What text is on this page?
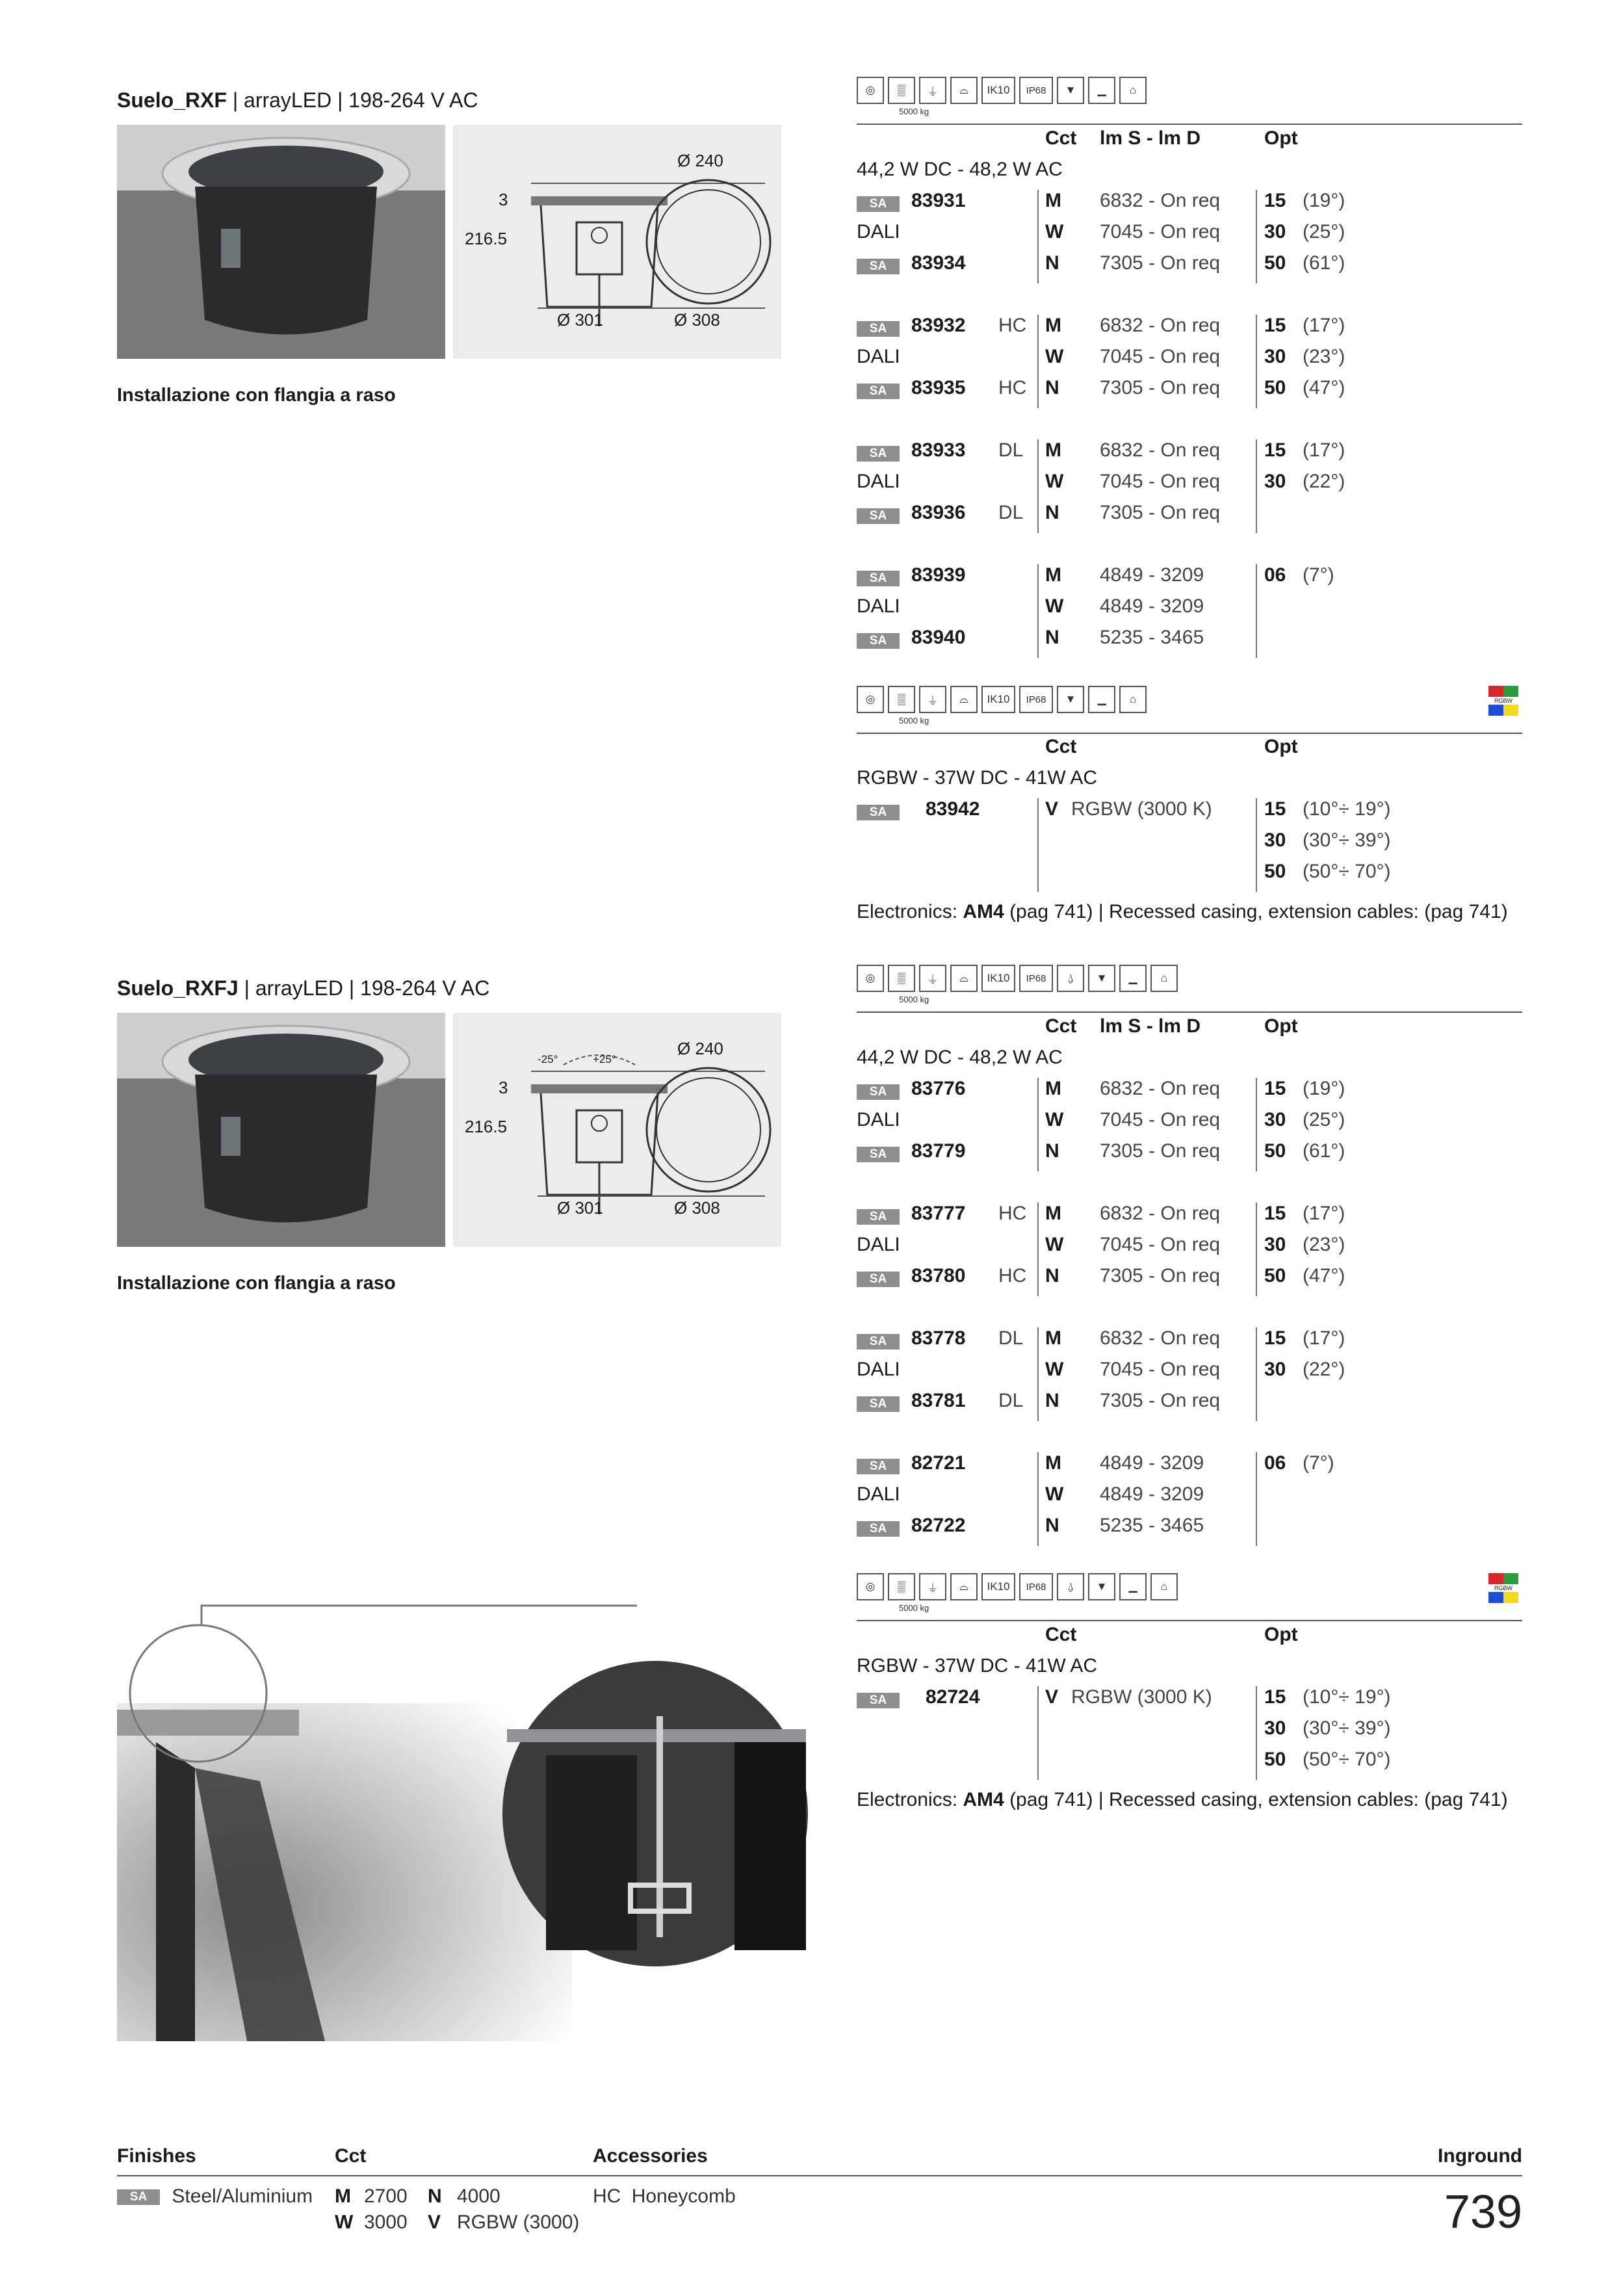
Suelo_RXF | arrayLED | 198-264 V AC
Ø 240
3
216.5
Ø 301	Ø 308
Installazione con flangia a raso
◎	▒	⏚	⌓	IK10	IP68	▼	▁	⌂
5000 kg
Cct lm S - lm D	Opt
44,2 W DC - 48,2 W AC
SA	83931	M 6832 - On req 15 (19°)
DALI	W 7045 - On req 30 (25°)
SA	83934	N 7305 - On req 50 (61°)
SA	83932 HC M 6832 - On req 15 (17°)
DALI	W 7045 - On req 30 (23°)
SA	83935 HC N 7305 - On req 50 (47°)
SA	83933 DL M 6832 - On req 15 (17°)
DALI	W 7045 - On req 30 (22°)
SA	83936 DL N 7305 - On req
SA	83939	M 4849 - 3209	06 (7°)
DALI	W 4849 - 3209
SA	83940	N 5235 - 3465
◎	▒	⏚	⌓	IK10	IP68	▼	▁	⌂
5000 kg
RGBW
Cct	Opt
RGBW - 37W DC - 41W AC
SA	83942	V RGBW (3000 K)	15 (10°÷ 19°)
30 (30°÷ 39°)
50 (50°÷ 70°)
Electronics: AM4 (pag 741) | Recessed casing, extension cables: (pag 741)
Suelo_RXFJ | arrayLED | 198-264 V AC
Ø 240
-25°	+25°
3
216.5
Ø 301	Ø 308
Installazione con flangia a raso
◎	▒	⏚	⌓	IK10	IP68	⍙	▼	▁	⌂
5000 kg
Cct lm S - lm D	Opt
44,2 W DC - 48,2 W AC
SA	83776	M 6832 - On req 15 (19°)
DALI	W 7045 - On req 30 (25°)
SA	83779	N 7305 - On req 50 (61°)
SA	83777 HC M 6832 - On req 15 (17°)
DALI	W 7045 - On req 30 (23°)
SA	83780 HC N 7305 - On req 50 (47°)
SA	83778 DL M 6832 - On req 15 (17°)
DALI	W 7045 - On req 30 (22°)
SA	83781 DL N 7305 - On req
SA	82721	M 4849 - 3209	06 (7°)
DALI	W 4849 - 3209
SA	82722	N 5235 - 3465
◎	▒	⏚	⌓	IK10	IP68	⍙	▼	▁	⌂
5000 kg
RGBW
Cct	Opt
RGBW - 37W DC - 41W AC
SA	82724	V RGBW (3000 K)	15 (10°÷ 19°)
30 (30°÷ 39°)
50 (50°÷ 70°)
Electronics: AM4 (pag 741) | Recessed casing, extension cables: (pag 741)
Finishes	Cct	Accessories	Inground
SA Steel/Aluminium M 2700 N 4000
W 3000 V RGBW (3000)
HC Honeycomb	739
